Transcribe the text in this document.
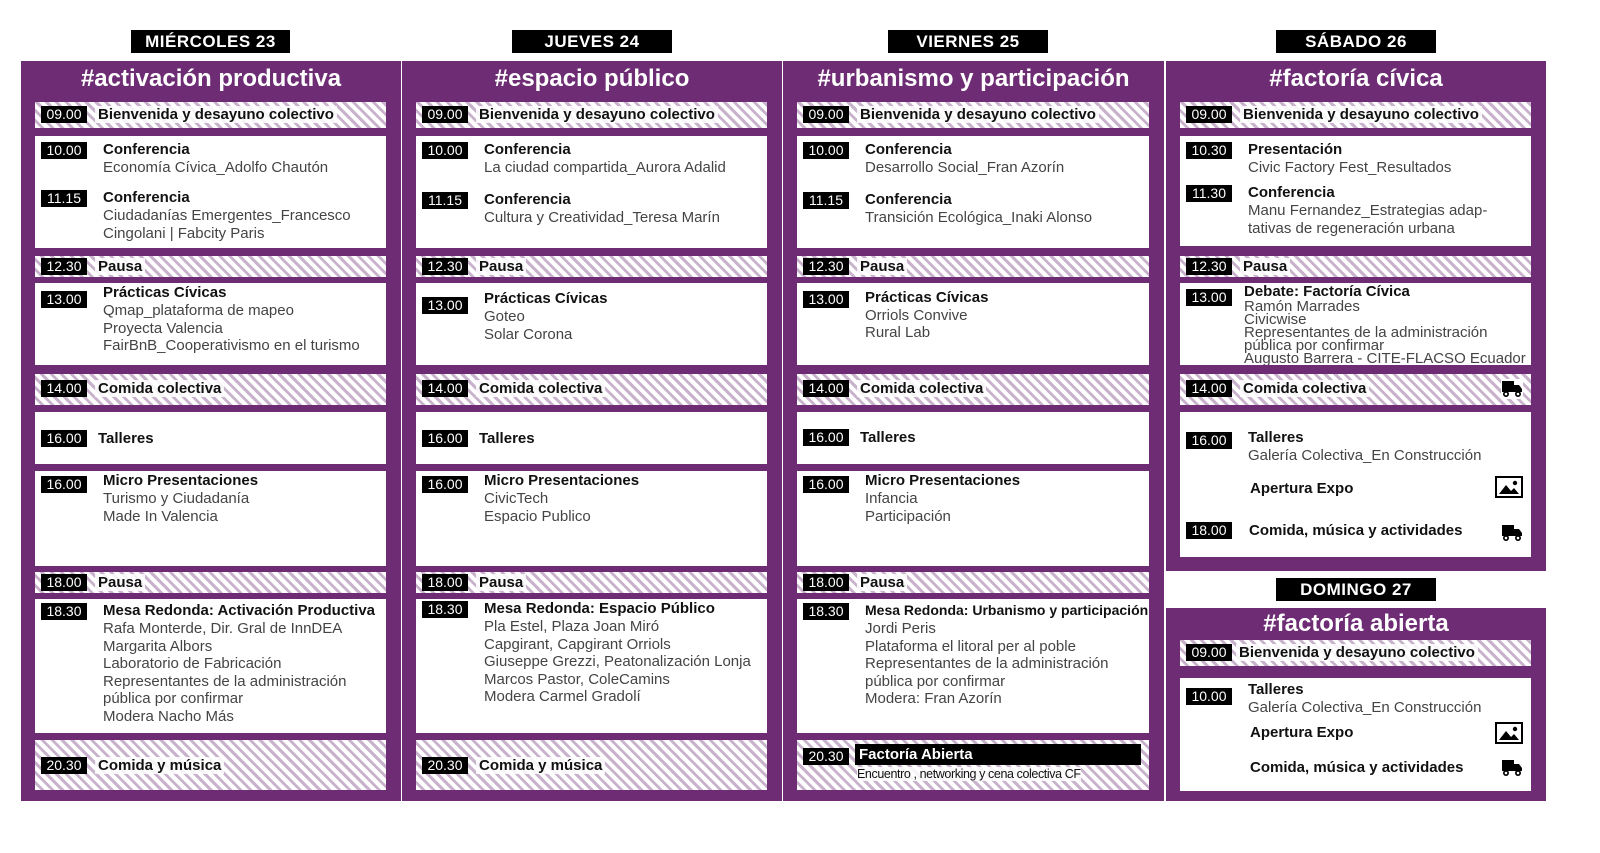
MIÉRCOLES 23
#activación productiva
09.00	Bienvenida y desayuno colectivo
10.00	Conferencia
Economía Cívica_Adolfo Chautón
11.15	Conferencia
Ciudadanías Emergentes_Francesco
Cingolani | Fabcity Paris
12.30	Pausa
13.00	Prácticas Cívicas
Qmap_plataforma de mapeo
Proyecta Valencia
FairBnB_Cooperativismo en el turismo
14.00	Comida colectiva
16.00	Talleres
16.00	Micro Presentaciones
Turismo y Ciudadanía
Made In Valencia
18.00	Pausa
18.30	Mesa Redonda: Activación Productiva
Rafa Monterde, Dir. Gral de InnDEA
Margarita Albors
Laboratorio de Fabricación
Representantes de la administración
pública por confirmar
Modera Nacho Más
20.30	Comida y música
JUEVES 24
#espacio público
09.00	Bienvenida y desayuno colectivo
10.00	Conferencia
La ciudad compartida_Aurora Adalid
11.15	Conferencia
Cultura y Creatividad_Teresa Marín
12.30	Pausa
13.00	Prácticas Cívicas
Goteo
Solar Corona
14.00	Comida colectiva
16.00	Talleres
16.00	Micro Presentaciones
CivicTech
Espacio Publico
18.00	Pausa
18.30	Mesa Redonda: Espacio Público
Pla Estel, Plaza Joan Miró
Capgirant, Capgirant Orriols
Giuseppe Grezzi, Peatonalización Lonja
Marcos Pastor, ColeCamins
Modera Carmel Gradolí
20.30	Comida y música
VIERNES 25
#urbanismo y participación
09.00	Bienvenida y desayuno colectivo
10.00	Conferencia
Desarrollo Social_Fran Azorín
11.15	Conferencia
Transición Ecológica_Inaki Alonso
12.30	Pausa
13.00	Prácticas Cívicas
Orriols Convive
Rural Lab
14.00	Comida colectiva
16.00	Talleres
16.00	Micro Presentaciones
Infancia
Participación
18.00	Pausa
18.30	Mesa Redonda: Urbanismo y participación
Jordi Peris
Plataforma el litoral per al poble
Representantes de la administración
pública por confirmar
Modera: Fran Azorín
20.30	Factoría Abierta
Encuentro , networking y cena colectiva CF
SÁBADO 26
#factoría cívica
09.00	Bienvenida y desayuno colectivo
10.30	Presentación
Civic Factory Fest_Resultados
11.30	Conferencia
Manu Fernandez_Estrategias adap-
tativas de regeneración urbana
12.30	Pausa
13.00	Debate: Factoría Cívica
Ramón Marrades
Civicwise
Representantes de la administración
pública por confirmar
Augusto Barrera - CITE-FLACSO Ecuador
14.00	Comida colectiva
16.00	Talleres
Galería Colectiva_En Construcción
Apertura Expo
18.00	Comida, música y actividades
DOMINGO 27
#factoría abierta
09.00 Bienvenida y desayuno colectivo
10.00	Talleres
Galería Colectiva_En Construcción
Apertura Expo
Comida, música y actividades
